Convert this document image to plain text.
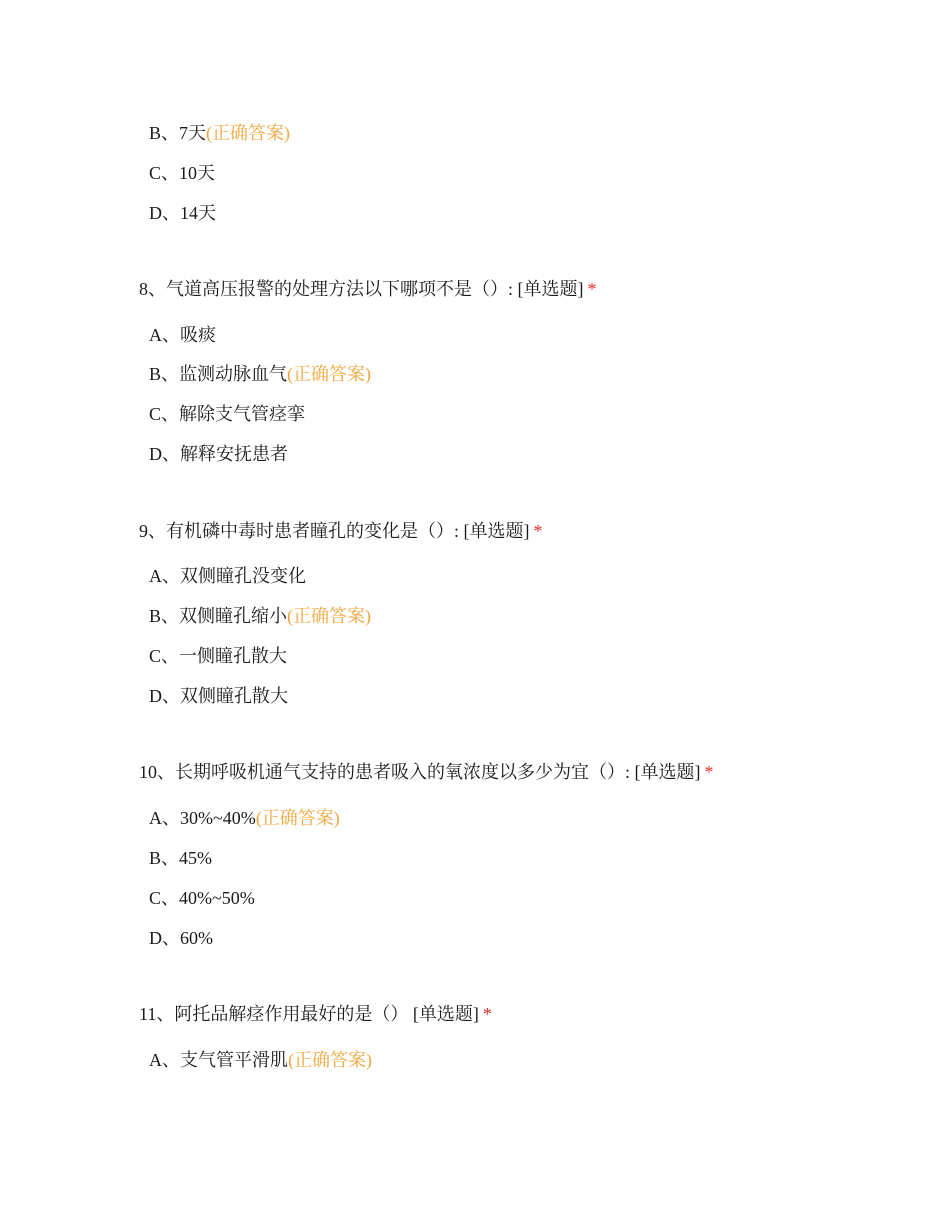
B、7天(正确答案)
C、10天
D、14天
8、气道高压报警的处理方法以下哪项不是（）: [单选题] *
A、吸痰
B、监测动脉血气(正确答案)
C、解除支气管痉挛
D、解释安抚患者
9、有机磷中毒时患者瞳孔的变化是（）: [单选题] *
A、双侧瞳孔没变化
B、双侧瞳孔缩小(正确答案)
C、一侧瞳孔散大
D、双侧瞳孔散大
10、长期呼吸机通气支持的患者吸入的氧浓度以多少为宜（）: [单选题] *
A、30%~40%(正确答案)
B、45%
C、40%~50%
D、60%
11、阿托品解痉作用最好的是（） [单选题] *
A、支气管平滑肌(正确答案)
